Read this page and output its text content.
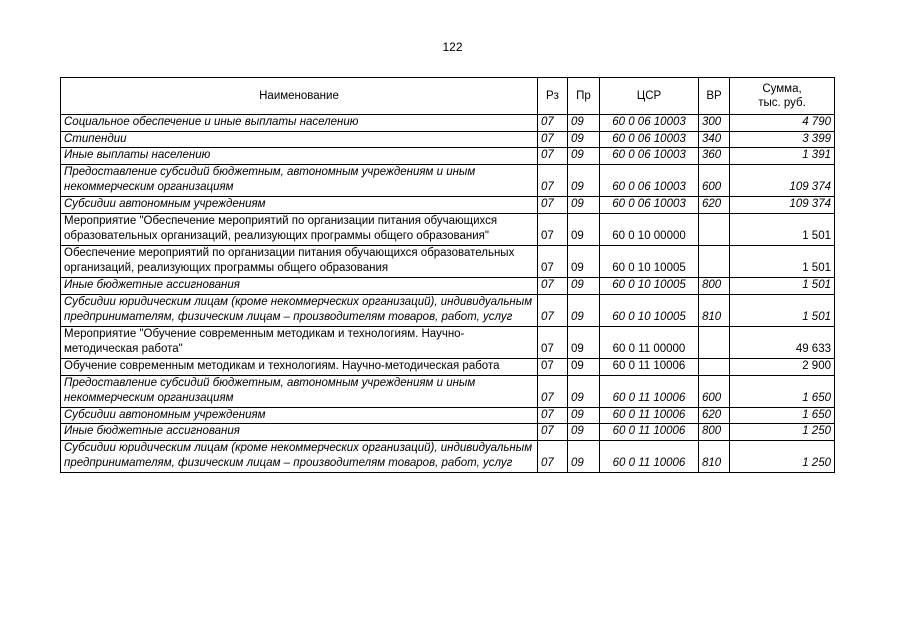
122
Наименование	Рз	Пр	ЦСР	ВР	Сумма,
тыс. руб.
Социальное обеспечение и иные выплаты населению	07	09	60 0 06 10003	300	4 790
Стипендии	07	09	60 0 06 10003	340	3 399
Иные выплаты населению	07	09	60 0 06 10003	360	1 391
Предоставление субсидий бюджетным, автономным учреждениям и иным некоммерческим организациям	07	09	60 0 06 10003	600	109 374
Субсидии автономным учреждениям	07	09	60 0 06 10003	620	109 374
Мероприятие "Обеспечение мероприятий по организации питания обучающихся образовательных организаций, реализующих программы общего образования"	07	09	60 0 10 00000		1 501
Обеспечение мероприятий по организации питания обучающихся образовательных организаций, реализующих программы общего образования	07	09	60 0 10 10005		1 501
Иные бюджетные ассигнования	07	09	60 0 10 10005	800	1 501
Субсидии юридическим лицам (кроме некоммерческих организаций), индивидуальным предпринимателям, физическим лицам – производителям товаров, работ, услуг	07	09	60 0 10 10005	810	1 501
Мероприятие "Обучение современным методикам и технологиям. Научно-методическая работа"	07	09	60 0 11 00000		49 633
Обучение современным методикам и технологиям. Научно-методическая работа	07	09	60 0 11 10006		2 900
Предоставление субсидий бюджетным, автономным учреждениям и иным некоммерческим организациям	07	09	60 0 11 10006	600	1 650
Субсидии автономным учреждениям	07	09	60 0 11 10006	620	1 650
Иные бюджетные ассигнования	07	09	60 0 11 10006	800	1 250
Субсидии юридическим лицам (кроме некоммерческих организаций), индивидуальным предпринимателям, физическим лицам – производителям товаров, работ, услуг	07	09	60 0 11 10006	810	1 250
